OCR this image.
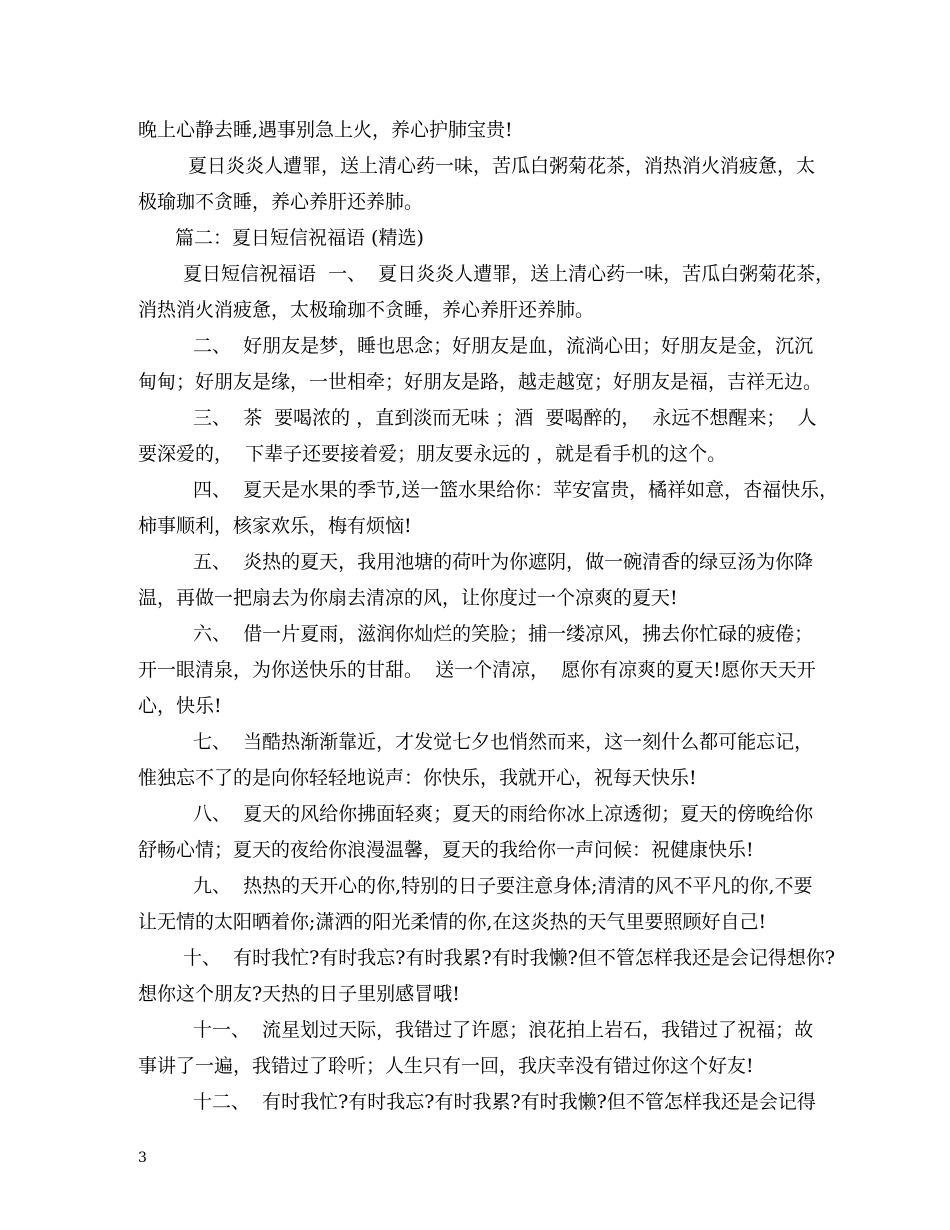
晚上心静去睡,遇事别急上火，养心护肺宝贵!
夏日炎炎人遭罪，送上清心药一味，苦瓜白粥菊花茶，消热消火消疲惫，太
极瑜珈不贪睡，养心养肝还养肺。
篇二：夏日短信祝福语 (精选)
夏日短信祝福语  一、  夏日炎炎人遭罪，送上清心药一味，苦瓜白粥菊花茶，
消热消火消疲惫，太极瑜珈不贪睡，养心养肝还养肺。
二、  好朋友是梦，睡也思念；好朋友是血，流淌心田；好朋友是金，沉沉
甸甸；好朋友是缘，一世相牵；好朋友是路，越走越宽；好朋友是福，吉祥无边。
三、  茶  要喝浓的 ，直到淡而无味 ；酒  要喝醉的，  永远不想醒来；  人
要深爱的，  下辈子还要接着爱；朋友要永远的 ，就是看手机的这个。
四、  夏天是水果的季节,送一篮水果给你：苹安富贵，橘祥如意，杏福快乐，
柿事顺利，核家欢乐，梅有烦恼!
五、  炎热的夏天，我用池塘的荷叶为你遮阴，做一碗清香的绿豆汤为你降
温，再做一把扇去为你扇去清凉的风，让你度过一个凉爽的夏天!
六、  借一片夏雨，滋润你灿烂的笑脸；捕一缕凉风，拂去你忙碌的疲倦；
开一眼清泉，为你送快乐的甘甜。  送一个清凉，  愿你有凉爽的夏天!愿你天天开
心，快乐!
七、  当酷热渐渐靠近，才发觉七夕也悄然而来，这一刻什么都可能忘记，
惟独忘不了的是向你轻轻地说声：你快乐，我就开心，祝每天快乐!
八、  夏天的风给你拂面轻爽；夏天的雨给你冰上凉透彻；夏天的傍晚给你
舒畅心情；夏天的夜给你浪漫温馨，夏天的我给你一声问候：祝健康快乐!
九、  热热的天开心的你,特别的日子要注意身体;清清的风不平凡的你,不要
让无情的太阳晒着你;潇洒的阳光柔情的你,在这炎热的天气里要照顾好自己!
十、  有时我忙?有时我忘?有时我累?有时我懒?但不管怎样我还是会记得想你?
想你这个朋友?天热的日子里别感冒哦!
十一、  流星划过天际，我错过了许愿；浪花拍上岩石，我错过了祝福；故
事讲了一遍，我错过了聆听；人生只有一回，我庆幸没有错过你这个好友!
十二、  有时我忙?有时我忘?有时我累?有时我懒?但不管怎样我还是会记得
3
